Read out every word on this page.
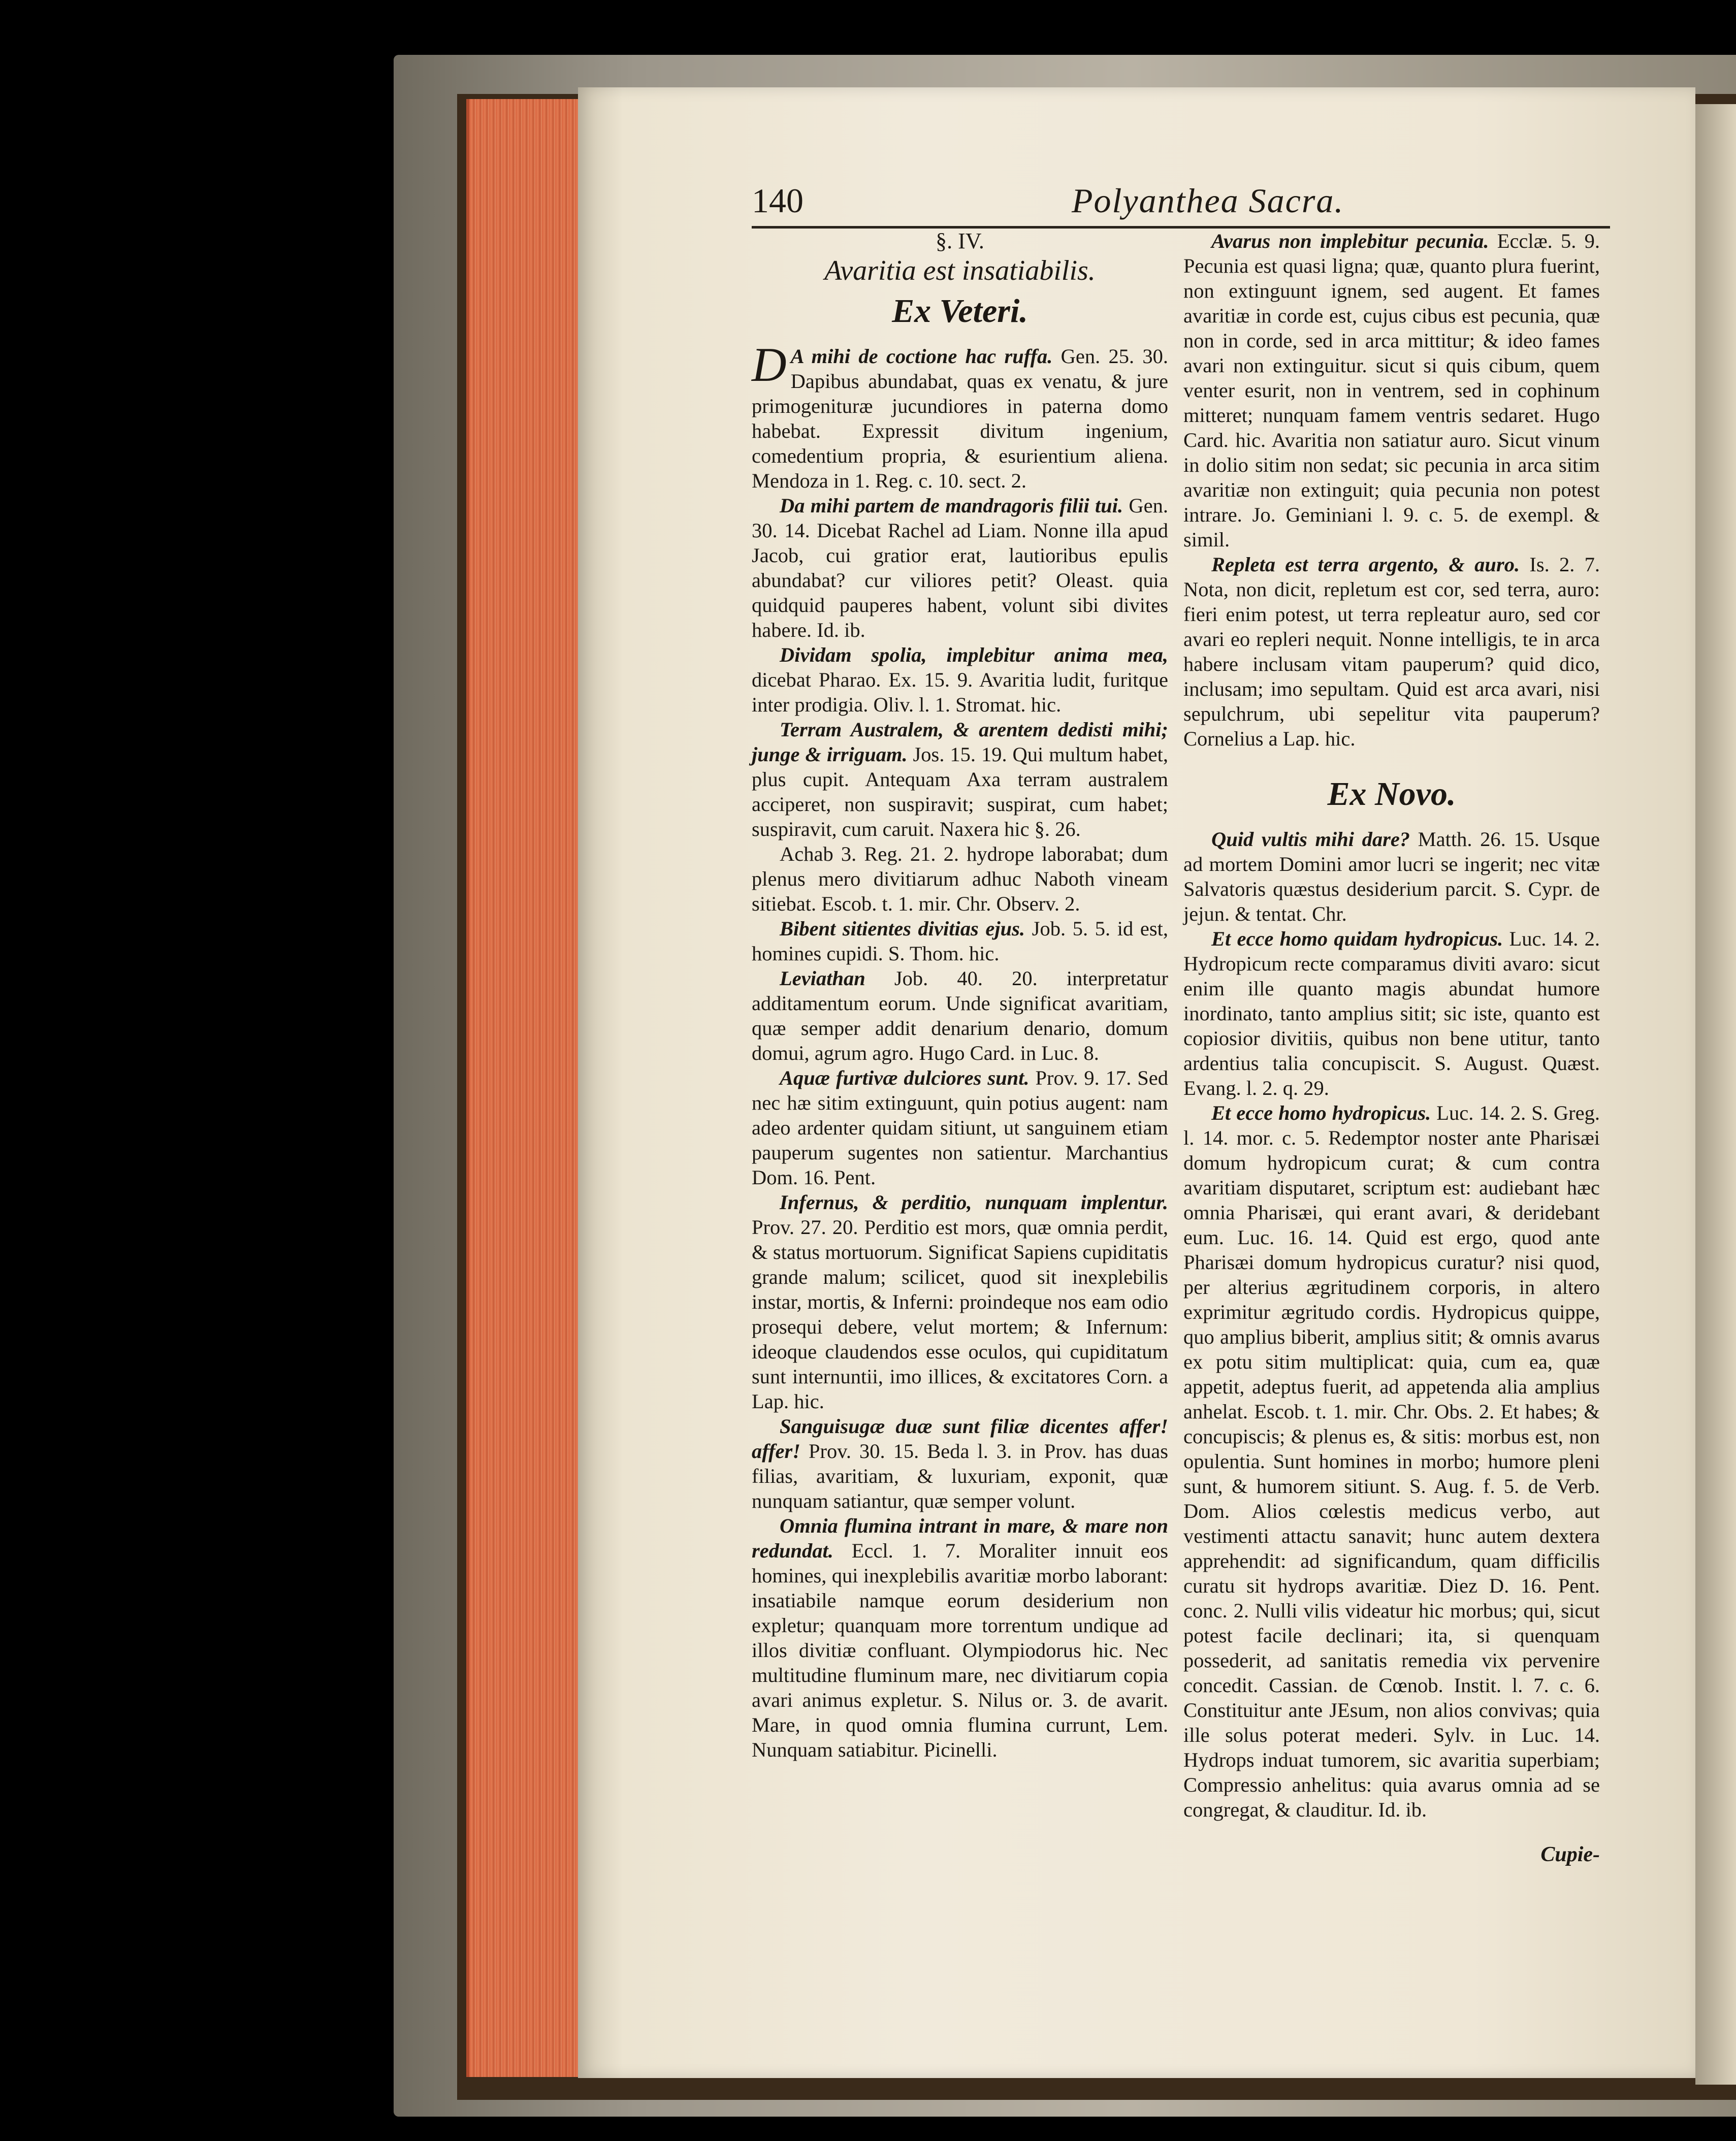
140	Polyanthea Sacra.
§. IV.
Avaritia est insatiabilis.
Ex Veteri.

D A mihi de coctione hac ruffa. Gen. 25. 30. Dapibus abundabat, quas ex venatu, & jure primogenituræ jucundiores in paterna domo habebat. Expressit divitum ingenium, comedentium propria, & esurientium aliena. Mendoza in 1. Reg. c. 10. sect. 2.

Da mihi partem de mandragoris filii tui. Gen. 30. 14. Dicebat Rachel ad Liam. Nonne illa apud Jacob, cui gratior erat, lautioribus epulis abundabat? cur viliores petit? Oleast. quia quidquid pauperes habent, volunt sibi divites habere. Id. ib.

Dividam spolia, implebitur anima mea, dicebat Pharao. Ex. 15. 9. Avaritia ludit, furitque inter prodigia. Oliv. l. 1. Stromat. hic.

Terram Australem, & arentem dedisti mihi; junge & irriguam. Jos. 15. 19. Qui multum habet, plus cupit. Antequam Axa terram australem acciperet, non suspiravit; suspirat, cum habet; suspiravit, cum caruit. Naxera hic §. 26.

Achab 3. Reg. 21. 2. hydrope laborabat; dum plenus mero divitiarum adhuc Naboth vineam sitiebat. Escob. t. 1. mir. Chr. Observ. 2.

Bibent sitientes divitias ejus. Job. 5. 5. id est, homines cupidi. S. Thom. hic.

Leviathan Job. 40. 20. interpretatur additamentum eorum. Unde significat avaritiam, quæ semper addit denarium denario, domum domui, agrum agro. Hugo Card. in Luc. 8.

Aquæ furtivæ dulciores sunt. Prov. 9. 17. Sed nec hæ sitim extinguunt, quin potius augent: nam adeo ardenter quidam sitiunt, ut sanguinem etiam pauperum sugentes non satientur. Marchantius Dom. 16. Pent.

Infernus, & perditio, nunquam implentur. Prov. 27. 20. Perditio est mors, quæ omnia perdit, & status mortuorum. Significat Sapiens cupiditatis grande malum; scilicet, quod sit inexplebilis instar, mortis, & Inferni: proindeque nos eam odio prosequi debere, velut mortem; & Infernum: ideoque claudendos esse oculos, qui cupiditatum sunt internuntii, imo illices, & excitatores Corn. a Lap. hic.

Sanguisugæ duæ sunt filiæ dicentes affer! affer! Prov. 30. 15. Beda l. 3. in Prov. has duas filias, avaritiam, & luxuriam, exponit, quæ nunquam satiantur, quæ semper volunt.

Omnia flumina intrant in mare, & mare non redundat. Eccl. 1. 7. Moraliter innuit eos homines, qui inexplebilis avaritiæ morbo laborant: insatiabile namque eorum desiderium non expletur; quanquam more torrentum undique ad illos divitiæ confluant. Olympiodorus hic. Nec multitudine fluminum mare, nec divitiarum copia avari animus expletur. S. Nilus or. 3. de avarit. Mare, in quod omnia flumina currunt, Lem. Nunquam satiabitur. Picinelli.

Avarus non implebitur pecunia. Ecclæ. 5. 9. Pecunia est quasi ligna; quæ, quanto plura fuerint, non extinguunt ignem, sed augent. Et fames avaritiæ in corde est, cujus cibus est pecunia, quæ non in corde, sed in arca mittitur; & ideo fames avari non extinguitur. sicut si quis cibum, quem venter esurit, non in ventrem, sed in cophinum mitteret; nunquam famem ventris sedaret. Hugo Card. hic. Avaritia non satiatur auro. Sicut vinum in dolio sitim non sedat; sic pecunia in arca sitim avaritiæ non extinguit; quia pecunia non potest intrare. Jo. Geminiani l. 9. c. 5. de exempl. & simil.

Repleta est terra argento, & auro. Is. 2. 7. Nota, non dicit, repletum est cor, sed terra, auro: fieri enim potest, ut terra repleatur auro, sed cor avari eo repleri nequit. Nonne intelligis, te in arca habere inclusam vitam pauperum? quid dico, inclusam; imo sepultam. Quid est arca avari, nisi sepulchrum, ubi sepelitur vita pauperum? Cornelius a Lap. hic.

Ex Novo.

Quid vultis mihi dare? Matth. 26. 15. Usque ad mortem Domini amor lucri se ingerit; nec vitæ Salvatoris quæstus desiderium parcit. S. Cypr. de jejun. & tentat. Chr.

Et ecce homo quidam hydropicus. Luc. 14. 2. Hydropicum recte comparamus diviti avaro: sicut enim ille quanto magis abundat humore inordinato, tanto amplius sitit; sic iste, quanto est copiosior divitiis, quibus non bene utitur, tanto ardentius talia concupiscit. S. August. Quæst. Evang. l. 2. q. 29.

Et ecce homo hydropicus. Luc. 14. 2. S. Greg. l. 14. mor. c. 5. Redemptor noster ante Pharisæi domum hydropicum curat; & cum contra avaritiam disputaret, scriptum est: audiebant hæc omnia Pharisæi, qui erant avari, & deridebant eum. Luc. 16. 14. Quid est ergo, quod ante Pharisæi domum hydropicus curatur? nisi quod, per alterius ægritudinem corporis, in altero exprimitur ægritudo cordis. Hydropicus quippe, quo amplius biberit, amplius sitit; & omnis avarus ex potu sitim multiplicat: quia, cum ea, quæ appetit, adeptus fuerit, ad appetenda alia amplius anhelat. Escob. t. 1. mir. Chr. Obs. 2. Et habes; & concupiscis; & plenus es, & sitis: morbus est, non opulentia. Sunt homines in morbo; humore pleni sunt, & humorem sitiunt. S. Aug. f. 5. de Verb. Dom. Alios cœlestis medicus verbo, aut vestimenti attactu sanavit; hunc autem dextera apprehendit: ad significandum, quam difficilis curatu sit hydrops avaritiæ. Diez D. 16. Pent. conc. 2. Nulli vilis videatur hic morbus; qui, sicut potest facile declinari; ita, si quenquam possederit, ad sanitatis remedia vix pervenire concedit. Cassian. de Cœnob. Instit. l. 7. c. 6. Constituitur ante JEsum, non alios convivas; quia ille solus poterat mederi. Sylv. in Luc. 14. Hydrops induat tumorem, sic avaritia superbiam; Compressio anhelitus: quia avarus omnia ad se congregat, & clauditur. Id. ib.

Cupie-
